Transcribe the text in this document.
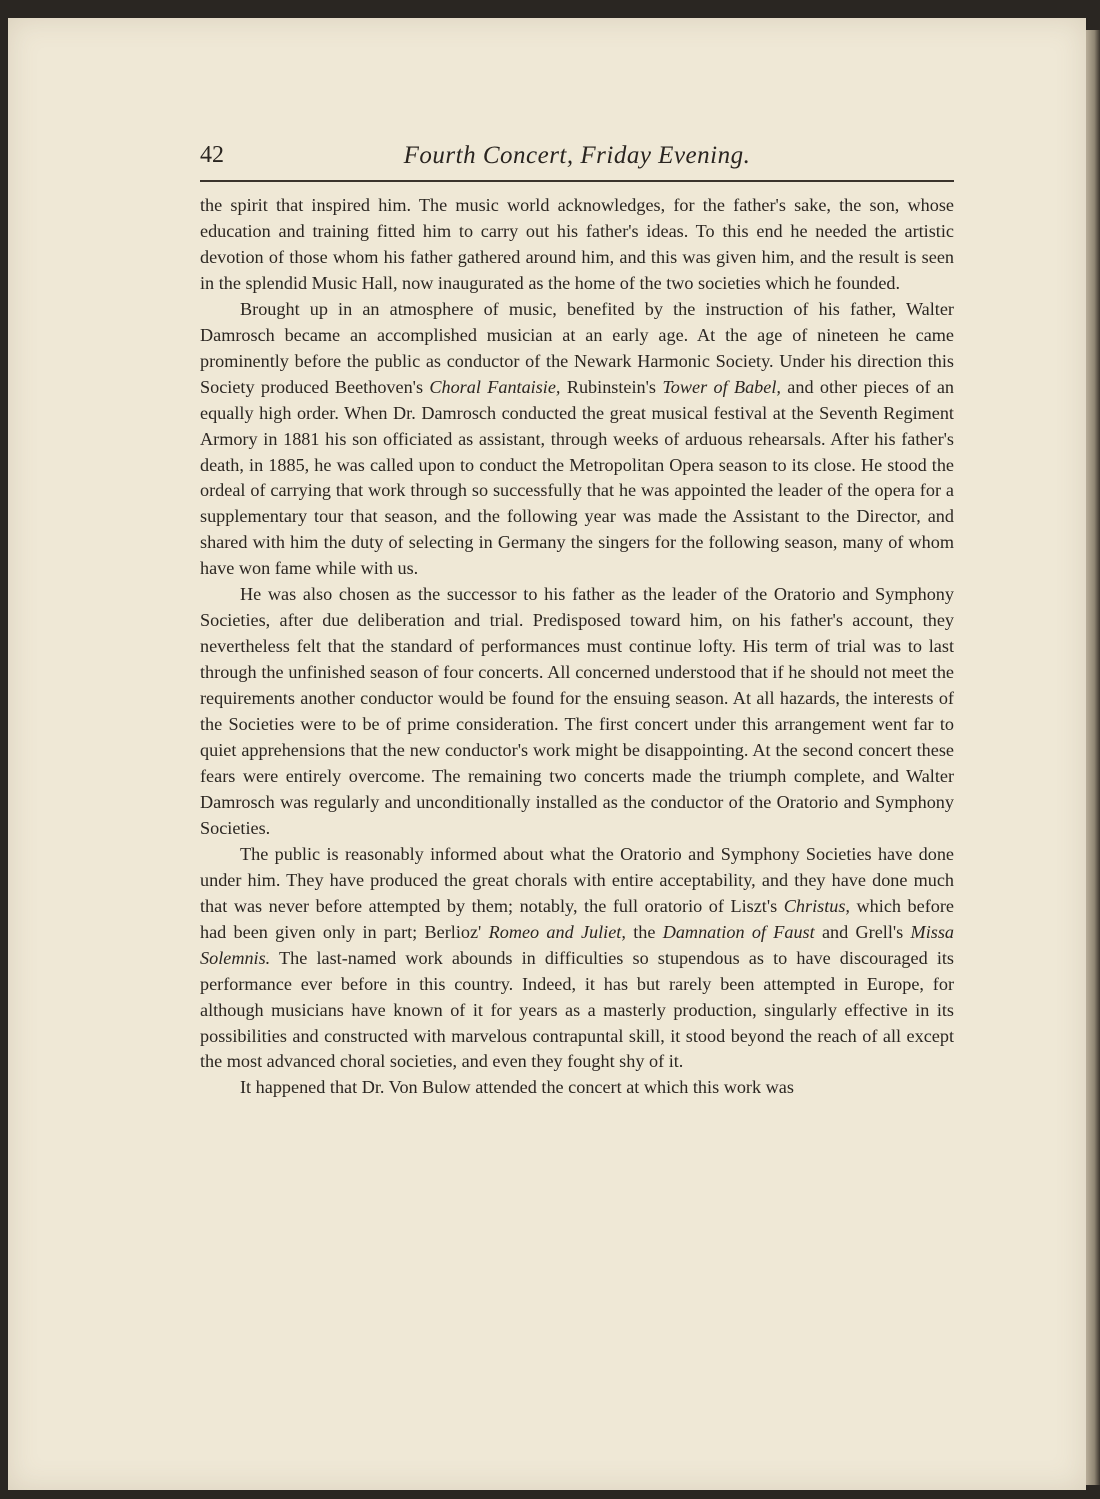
42	Fourth Concert, Friday Evening.

the spirit that inspired him. The music world acknowledges, for the father's sake, the son, whose education and training fitted him to carry out his father's ideas. To this end he needed the artistic devotion of those whom his father gathered around him, and this was given him, and the result is seen in the splendid Music Hall, now inaugurated as the home of the two societies which he founded.

Brought up in an atmosphere of music, benefited by the instruction of his father, Walter Damrosch became an accomplished musician at an early age. At the age of nineteen he came prominently before the public as conductor of the Newark Harmonic Society. Under his direction this Society produced Beethoven's Choral Fantaisie, Rubinstein's Tower of Babel, and other pieces of an equally high order. When Dr. Damrosch conducted the great musical festival at the Seventh Regiment Armory in 1881 his son officiated as assistant, through weeks of arduous rehearsals. After his father's death, in 1885, he was called upon to conduct the Metropolitan Opera season to its close. He stood the ordeal of carrying that work through so successfully that he was appointed the leader of the opera for a supplementary tour that season, and the following year was made the Assistant to the Director, and shared with him the duty of selecting in Germany the singers for the following season, many of whom have won fame while with us.

He was also chosen as the successor to his father as the leader of the Oratorio and Symphony Societies, after due deliberation and trial. Predisposed toward him, on his father's account, they nevertheless felt that the standard of performances must continue lofty. His term of trial was to last through the unfinished season of four concerts. All concerned understood that if he should not meet the requirements another conductor would be found for the ensuing season. At all hazards, the interests of the Societies were to be of prime consideration. The first concert under this arrangement went far to quiet apprehensions that the new conductor's work might be disappointing. At the second concert these fears were entirely overcome. The remaining two concerts made the triumph complete, and Walter Damrosch was regularly and unconditionally installed as the conductor of the Oratorio and Symphony Societies.

The public is reasonably informed about what the Oratorio and Symphony Societies have done under him. They have produced the great chorals with entire acceptability, and they have done much that was never before attempted by them; notably, the full oratorio of Liszt's Christus, which before had been given only in part; Berlioz' Romeo and Juliet, the Damnation of Faust and Grell's Missa Solemnis. The last-named work abounds in difficulties so stupendous as to have discouraged its performance ever before in this country. Indeed, it has but rarely been attempted in Europe, for although musicians have known of it for years as a masterly production, singularly effective in its possibilities and constructed with marvelous contrapuntal skill, it stood beyond the reach of all except the most advanced choral societies, and even they fought shy of it.

It happened that Dr. Von Bulow attended the concert at which this work was
